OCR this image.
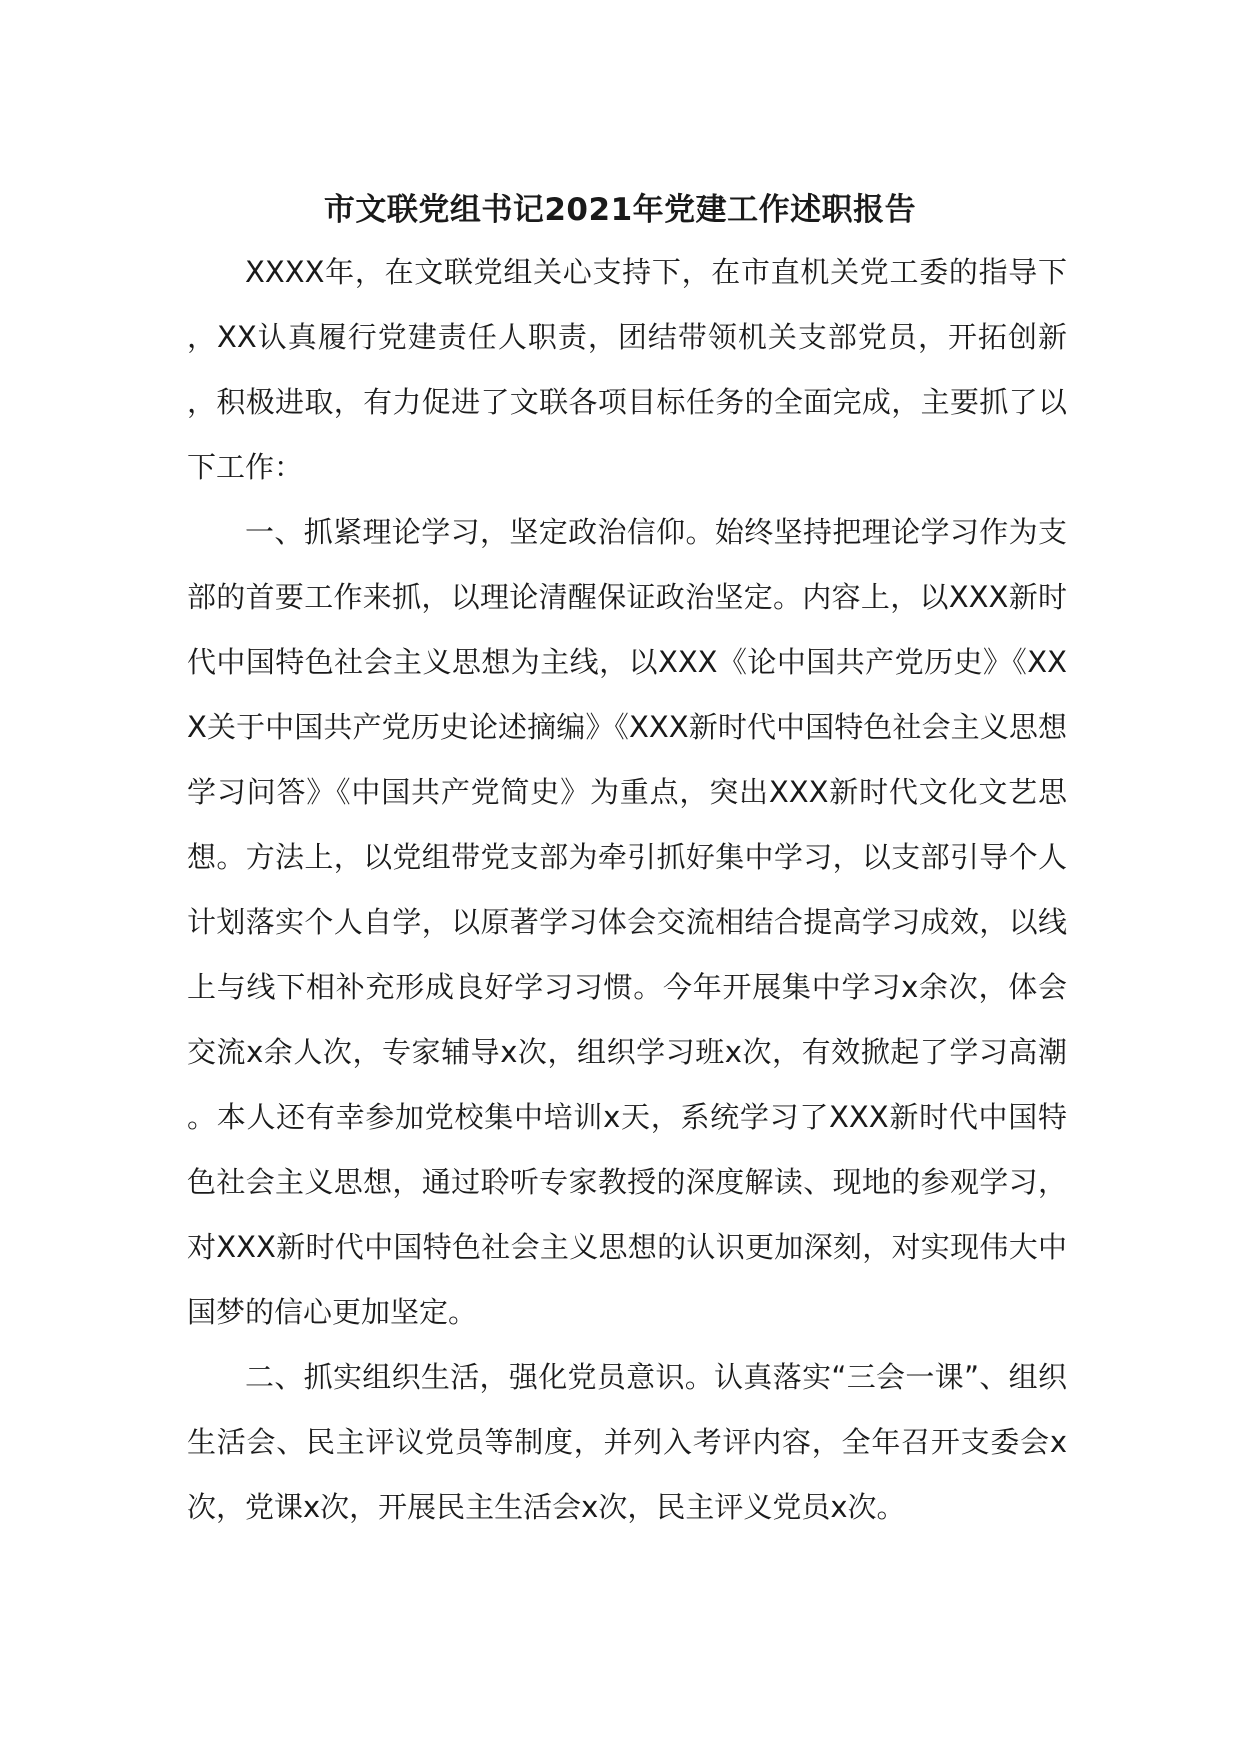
市文联党组书记2021年党建工作述职报告

XXXX年，在文联党组关心支持下，在市直机关党工委的指导下，XX认真履行党建责任人职责，团结带领机关支部党员，开拓创新，积极进取，有力促进了文联各项目标任务的全面完成，主要抓了以下工作：

一、抓紧理论学习，坚定政治信仰。始终坚持把理论学习作为支部的首要工作来抓，以理论清醒保证政治坚定。内容上，以XXX新时代中国特色社会主义思想为主线，以XXX《论中国共产党历史》《XXX关于中国共产党历史论述摘编》《XXX新时代中国特色社会主义思想学习问答》《中国共产党简史》为重点，突出XXX新时代文化文艺思想。方法上，以党组带党支部为牵引抓好集中学习，以支部引导个人计划落实个人自学，以原著学习体会交流相结合提高学习成效，以线上与线下相补充形成良好学习习惯。今年开展集中学习x余次，体会交流x余人次，专家辅导x次，组织学习班x次，有效掀起了学习高潮。本人还有幸参加党校集中培训x天，系统学习了XXX新时代中国特色社会主义思想，通过聆听专家教授的深度解读、现地的参观学习，对XXX新时代中国特色社会主义思想的认识更加深刻，对实现伟大中国梦的信心更加坚定。

二、抓实组织生活，强化党员意识。认真落实“三会一课”、组织生活会、民主评议党员等制度，并列入考评内容，全年召开支委会x次，党课x次，开展民主生活会x次，民主评义党员x次。
